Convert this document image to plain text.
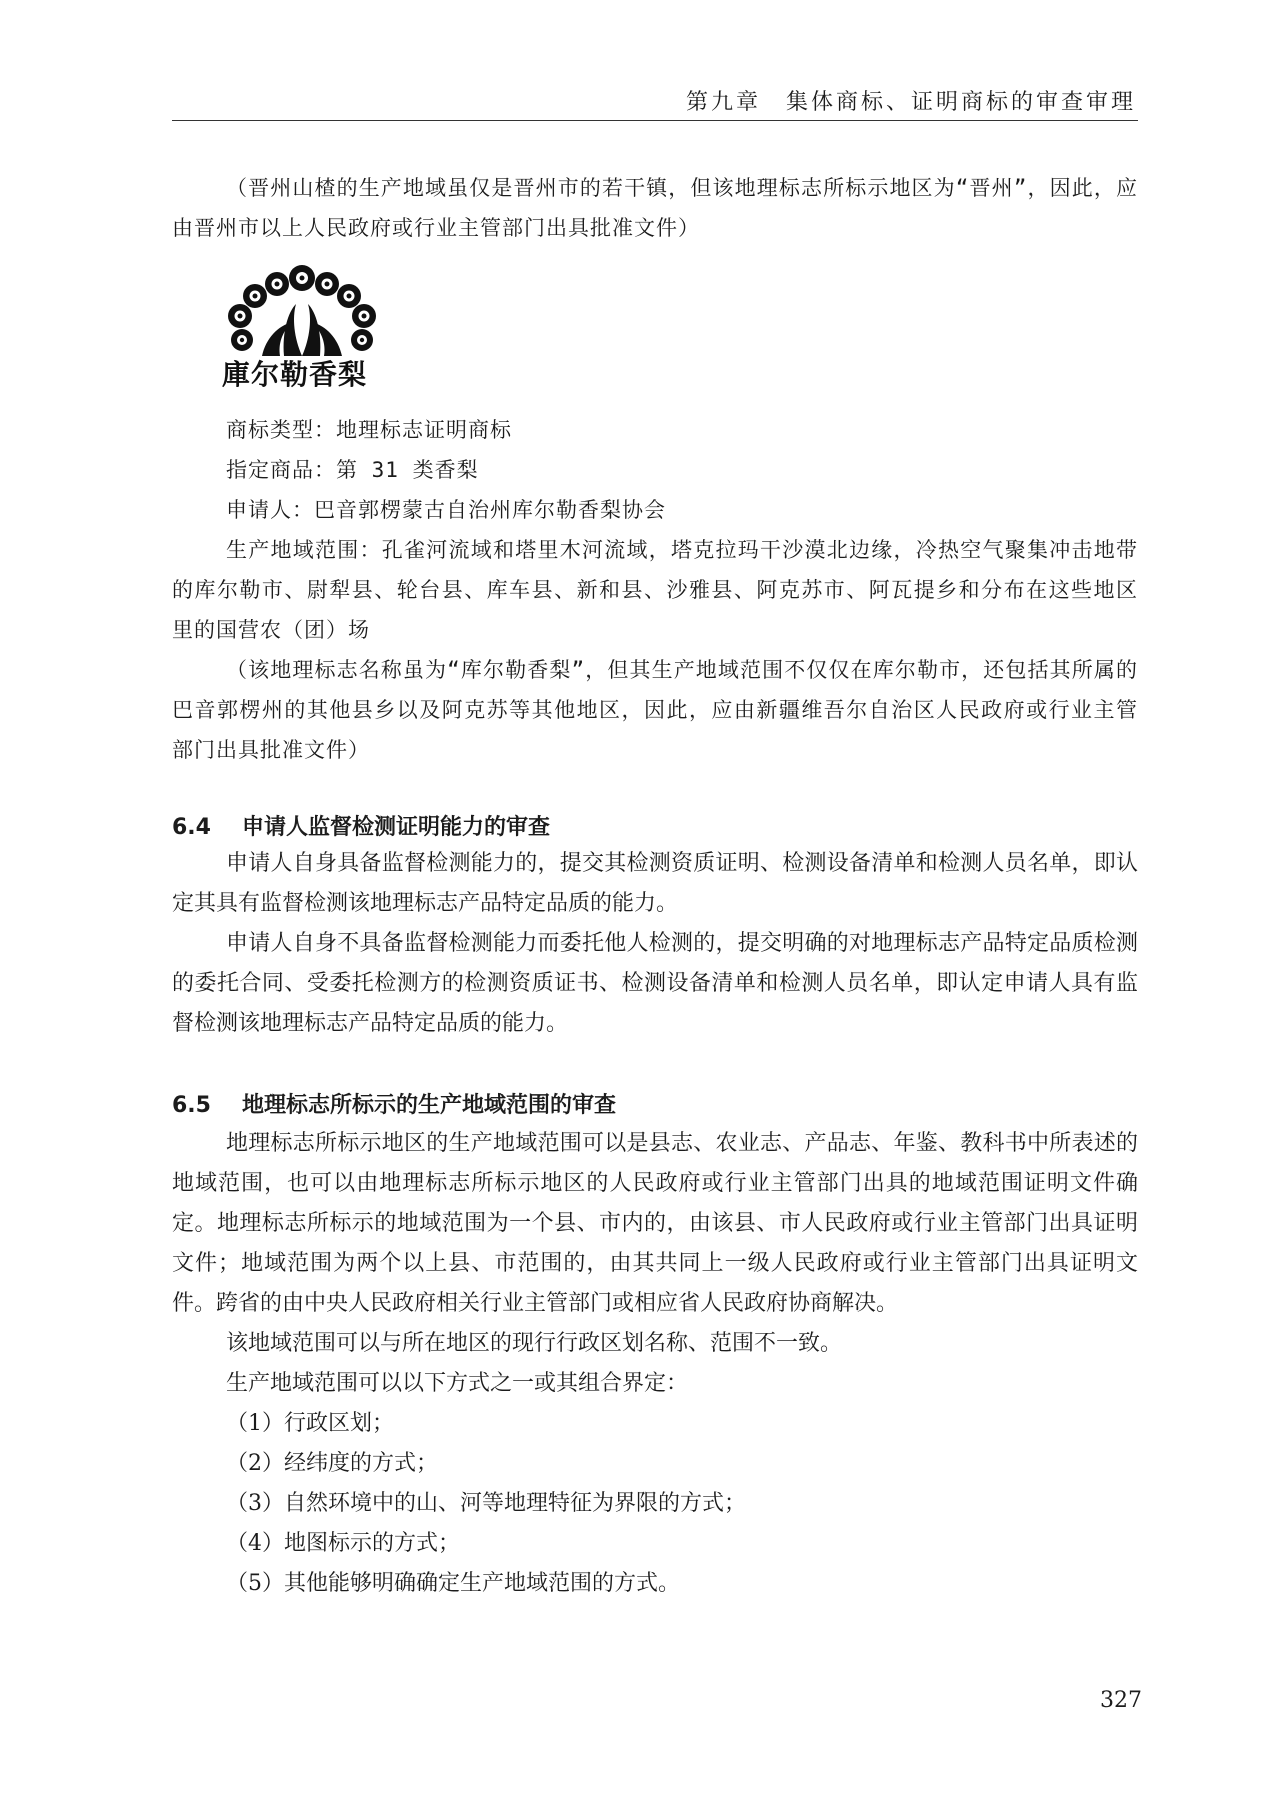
第九章　集体商标、证明商标的审查审理

（晋州山楂的生产地域虽仅是晋州市的若干镇，但该地理标志所标示地区为“晋州”，因此，应由晋州市以上人民政府或行业主管部门出具批准文件）

庫尔勒香梨

商标类型：地理标志证明商标

指定商品：第 31 类香梨

申请人：巴音郭楞蒙古自治州库尔勒香梨协会

生产地域范围：孔雀河流域和塔里木河流域，塔克拉玛干沙漠北边缘，冷热空气聚集冲击地带的库尔勒市、尉犁县、轮台县、库车县、新和县、沙雅县、阿克苏市、阿瓦提乡和分布在这些地区里的国营农（团）场

（该地理标志名称虽为“库尔勒香梨”，但其生产地域范围不仅仅在库尔勒市，还包括其所属的巴音郭楞州的其他县乡以及阿克苏等其他地区，因此，应由新疆维吾尔自治区人民政府或行业主管部门出具批准文件）

6.4 申请人监督检测证明能力的审查

申请人自身具备监督检测能力的，提交其检测资质证明、检测设备清单和检测人员名单，即认定其具有监督检测该地理标志产品特定品质的能力。

申请人自身不具备监督检测能力而委托他人检测的，提交明确的对地理标志产品特定品质检测的委托合同、受委托检测方的检测资质证书、检测设备清单和检测人员名单，即认定申请人具有监督检测该地理标志产品特定品质的能力。

6.5 地理标志所标示的生产地域范围的审查

地理标志所标示地区的生产地域范围可以是县志、农业志、产品志、年鉴、教科书中所表述的地域范围，也可以由地理标志所标示地区的人民政府或行业主管部门出具的地域范围证明文件确定。地理标志所标示的地域范围为一个县、市内的，由该县、市人民政府或行业主管部门出具证明文件；地域范围为两个以上县、市范围的，由其共同上一级人民政府或行业主管部门出具证明文件。跨省的由中央人民政府相关行业主管部门或相应省人民政府协商解决。

该地域范围可以与所在地区的现行行政区划名称、范围不一致。

生产地域范围可以以下方式之一或其组合界定：

（1）行政区划；

（2）经纬度的方式；

（3）自然环境中的山、河等地理特征为界限的方式；

（4）地图标示的方式；

（5）其他能够明确确定生产地域范围的方式。

327
